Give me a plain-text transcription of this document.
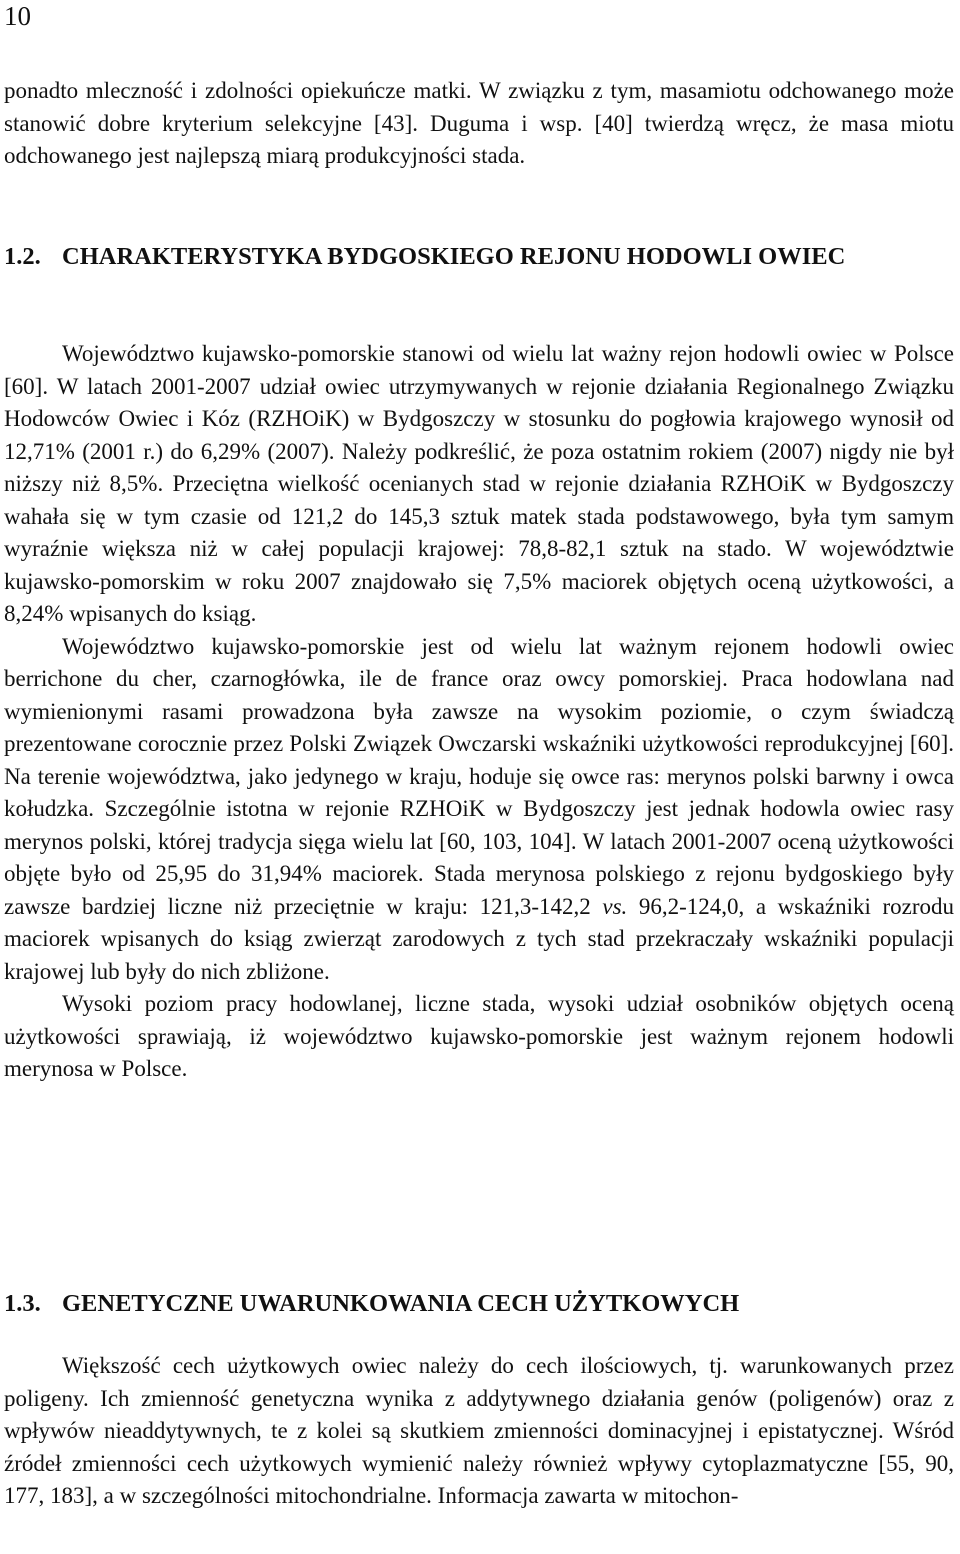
10

ponadto mleczność i zdolności opiekuńcze matki. W związku z tym, masamiotu odchowanego może stanowić dobre kryterium selekcyjne [43]. Duguma i wsp. [40] twierdzą wręcz, że masa miotu odchowanego jest najlepszą miarą produkcyjności stada.

1.2. CHARAKTERYSTYKA BYDGOSKIEGO REJONU HODOWLI OWIEC

Województwo kujawsko-pomorskie stanowi od wielu lat ważny rejon hodowli owiec w Polsce [60]. W latach 2001-2007 udział owiec utrzymywanych w rejonie działania Regionalnego Związku Hodowców Owiec i Kóz (RZHOiK) w Bydgoszczy w stosunku do pogłowia krajowego wynosił od 12,71% (2001 r.) do 6,29% (2007). Należy podkreślić, że poza ostatnim rokiem (2007) nigdy nie był niższy niż 8,5%. Przeciętna wielkość ocenianych stad w rejonie działania RZHOiK w Bydgoszczy wahała się w tym czasie od 121,2 do 145,3 sztuk matek stada podstawowego, była tym samym wyraźnie większa niż w całej populacji krajowej: 78,8-82,1 sztuk na stado. W województwie kujawsko-pomorskim w roku 2007 znajdowało się 7,5% maciorek objętych oceną użytkowości, a 8,24% wpisanych do ksiąg.

Województwo kujawsko-pomorskie jest od wielu lat ważnym rejonem hodowli owiec berrichone du cher, czarnogłówka, ile de france oraz owcy pomorskiej. Praca hodowlana nad wymienionymi rasami prowadzona była zawsze na wysokim poziomie, o czym świadczą prezentowane corocznie przez Polski Związek Owczarski wskaźniki użytkowości reprodukcyjnej [60]. Na terenie województwa, jako jedynego w kraju, hoduje się owce ras: merynos polski barwny i owca kołudzka. Szczególnie istotna w rejonie RZHOiK w Bydgoszczy jest jednak hodowla owiec rasy merynos polski, której tradycja sięga wielu lat [60, 103, 104]. W latach 2001-2007 oceną użytkowości objęte było od 25,95 do 31,94% maciorek. Stada merynosa polskiego z rejonu bydgoskiego były zawsze bardziej liczne niż przeciętnie w kraju: 121,3-142,2 vs. 96,2-124,0, a wskaźniki rozrodu maciorek wpisanych do ksiąg zwierząt zarodowych z tych stad przekraczały wskaźniki populacji krajowej lub były do nich zbliżone.

Wysoki poziom pracy hodowlanej, liczne stada, wysoki udział osobników objętych oceną użytkowości sprawiają, iż województwo kujawsko-pomorskie jest ważnym rejonem hodowli merynosa w Polsce.

1.3. GENETYCZNE UWARUNKOWANIA CECH UŻYTKOWYCH

Większość cech użytkowych owiec należy do cech ilościowych, tj. warunkowanych przez poligeny. Ich zmienność genetyczna wynika z addytywnego działania genów (poligenów) oraz z wpływów nieaddytywnych, te z kolei są skutkiem zmienności dominacyjnej i epistatycznej. Wśród źródeł zmienności cech użytkowych wymienić należy również wpływy cytoplazmatyczne [55, 90, 177, 183], a w szczególności mitochondrialne. Informacja zawarta w mitochon-
